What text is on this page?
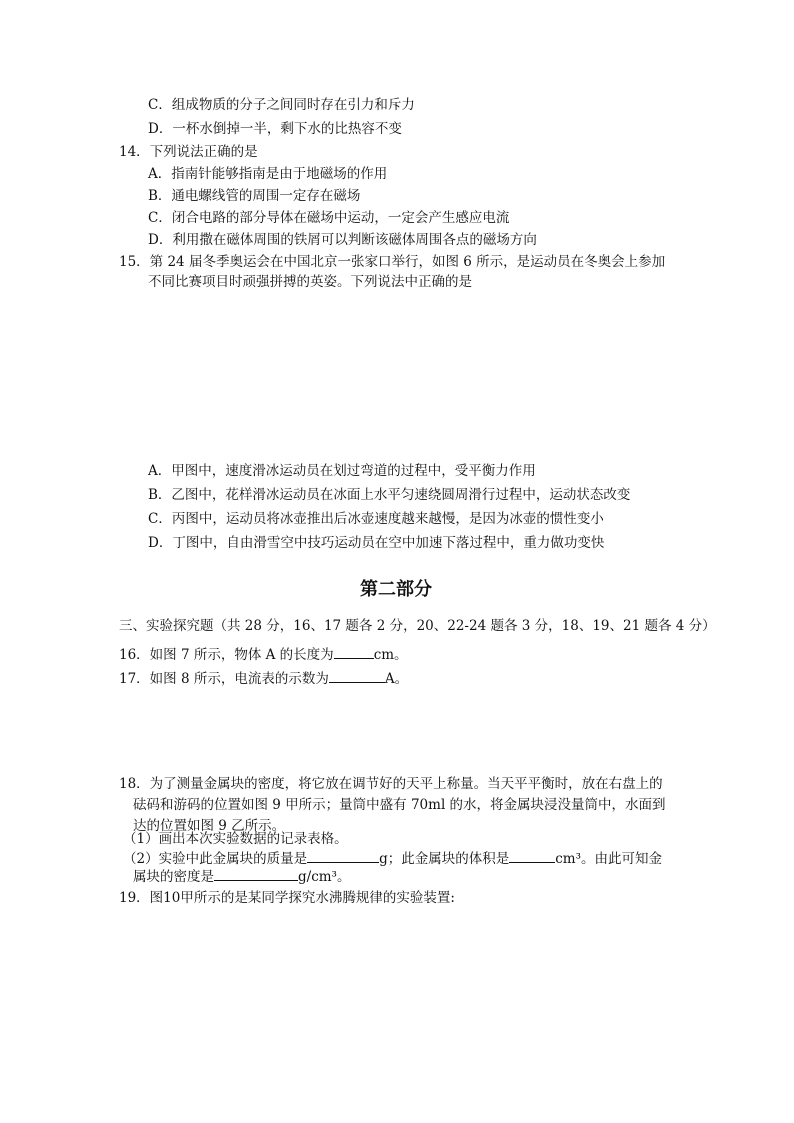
C．组成物质的分子之间同时存在引力和斥力
D．一杯水倒掉一半，剩下水的比热容不变
14．下列说法正确的是
A．指南针能够指南是由于地磁场的作用
B．通电螺线管的周围一定存在磁场
C．闭合电路的部分导体在磁场中运动，一定会产生感应电流
D．利用撒在磁体周围的铁屑可以判断该磁体周围各点的磁场方向
15．第 24 届冬季奥运会在中国北京一张家口举行，如图 6 所示，是运动员在冬奥会上参加
不同比赛项目时顽强拼搏的英姿。下列说法中正确的是
A．甲图中，速度滑冰运动员在划过弯道的过程中，受平衡力作用
B．乙图中，花样滑冰运动员在冰面上水平匀速绕圆周滑行过程中，运动状态改变
C．丙图中，运动员将冰壶推出后冰壶速度越来越慢，是因为冰壶的惯性变小
D．丁图中，自由滑雪空中技巧运动员在空中加速下落过程中，重力做功变快
第二部分
三、实验探究题（共 28 分，16、17 题各 2 分，20、22-24 题各 3 分，18、19、21 题各 4 分）
16．如图 7 所示，物体 A 的长度为	cm。
17．如图 8 所示，电流表的示数为	A。
18．为了测量金属块的密度，将它放在调节好的天平上称量。当天平平衡时，放在右盘上的
砝码和游码的位置如图 9 甲所示；量筒中盛有 70ml 的水，将金属块浸没量筒中，水面到
达的位置如图 9 乙所示。
（1）画出本次实验数据的记录表格。
（2）实验中此金属块的质量是	g；此金属块的体积是	cm³。由此可知金
属块的密度是	g/cm³。
19．图10甲所示的是某同学探究水沸腾规律的实验装置:
